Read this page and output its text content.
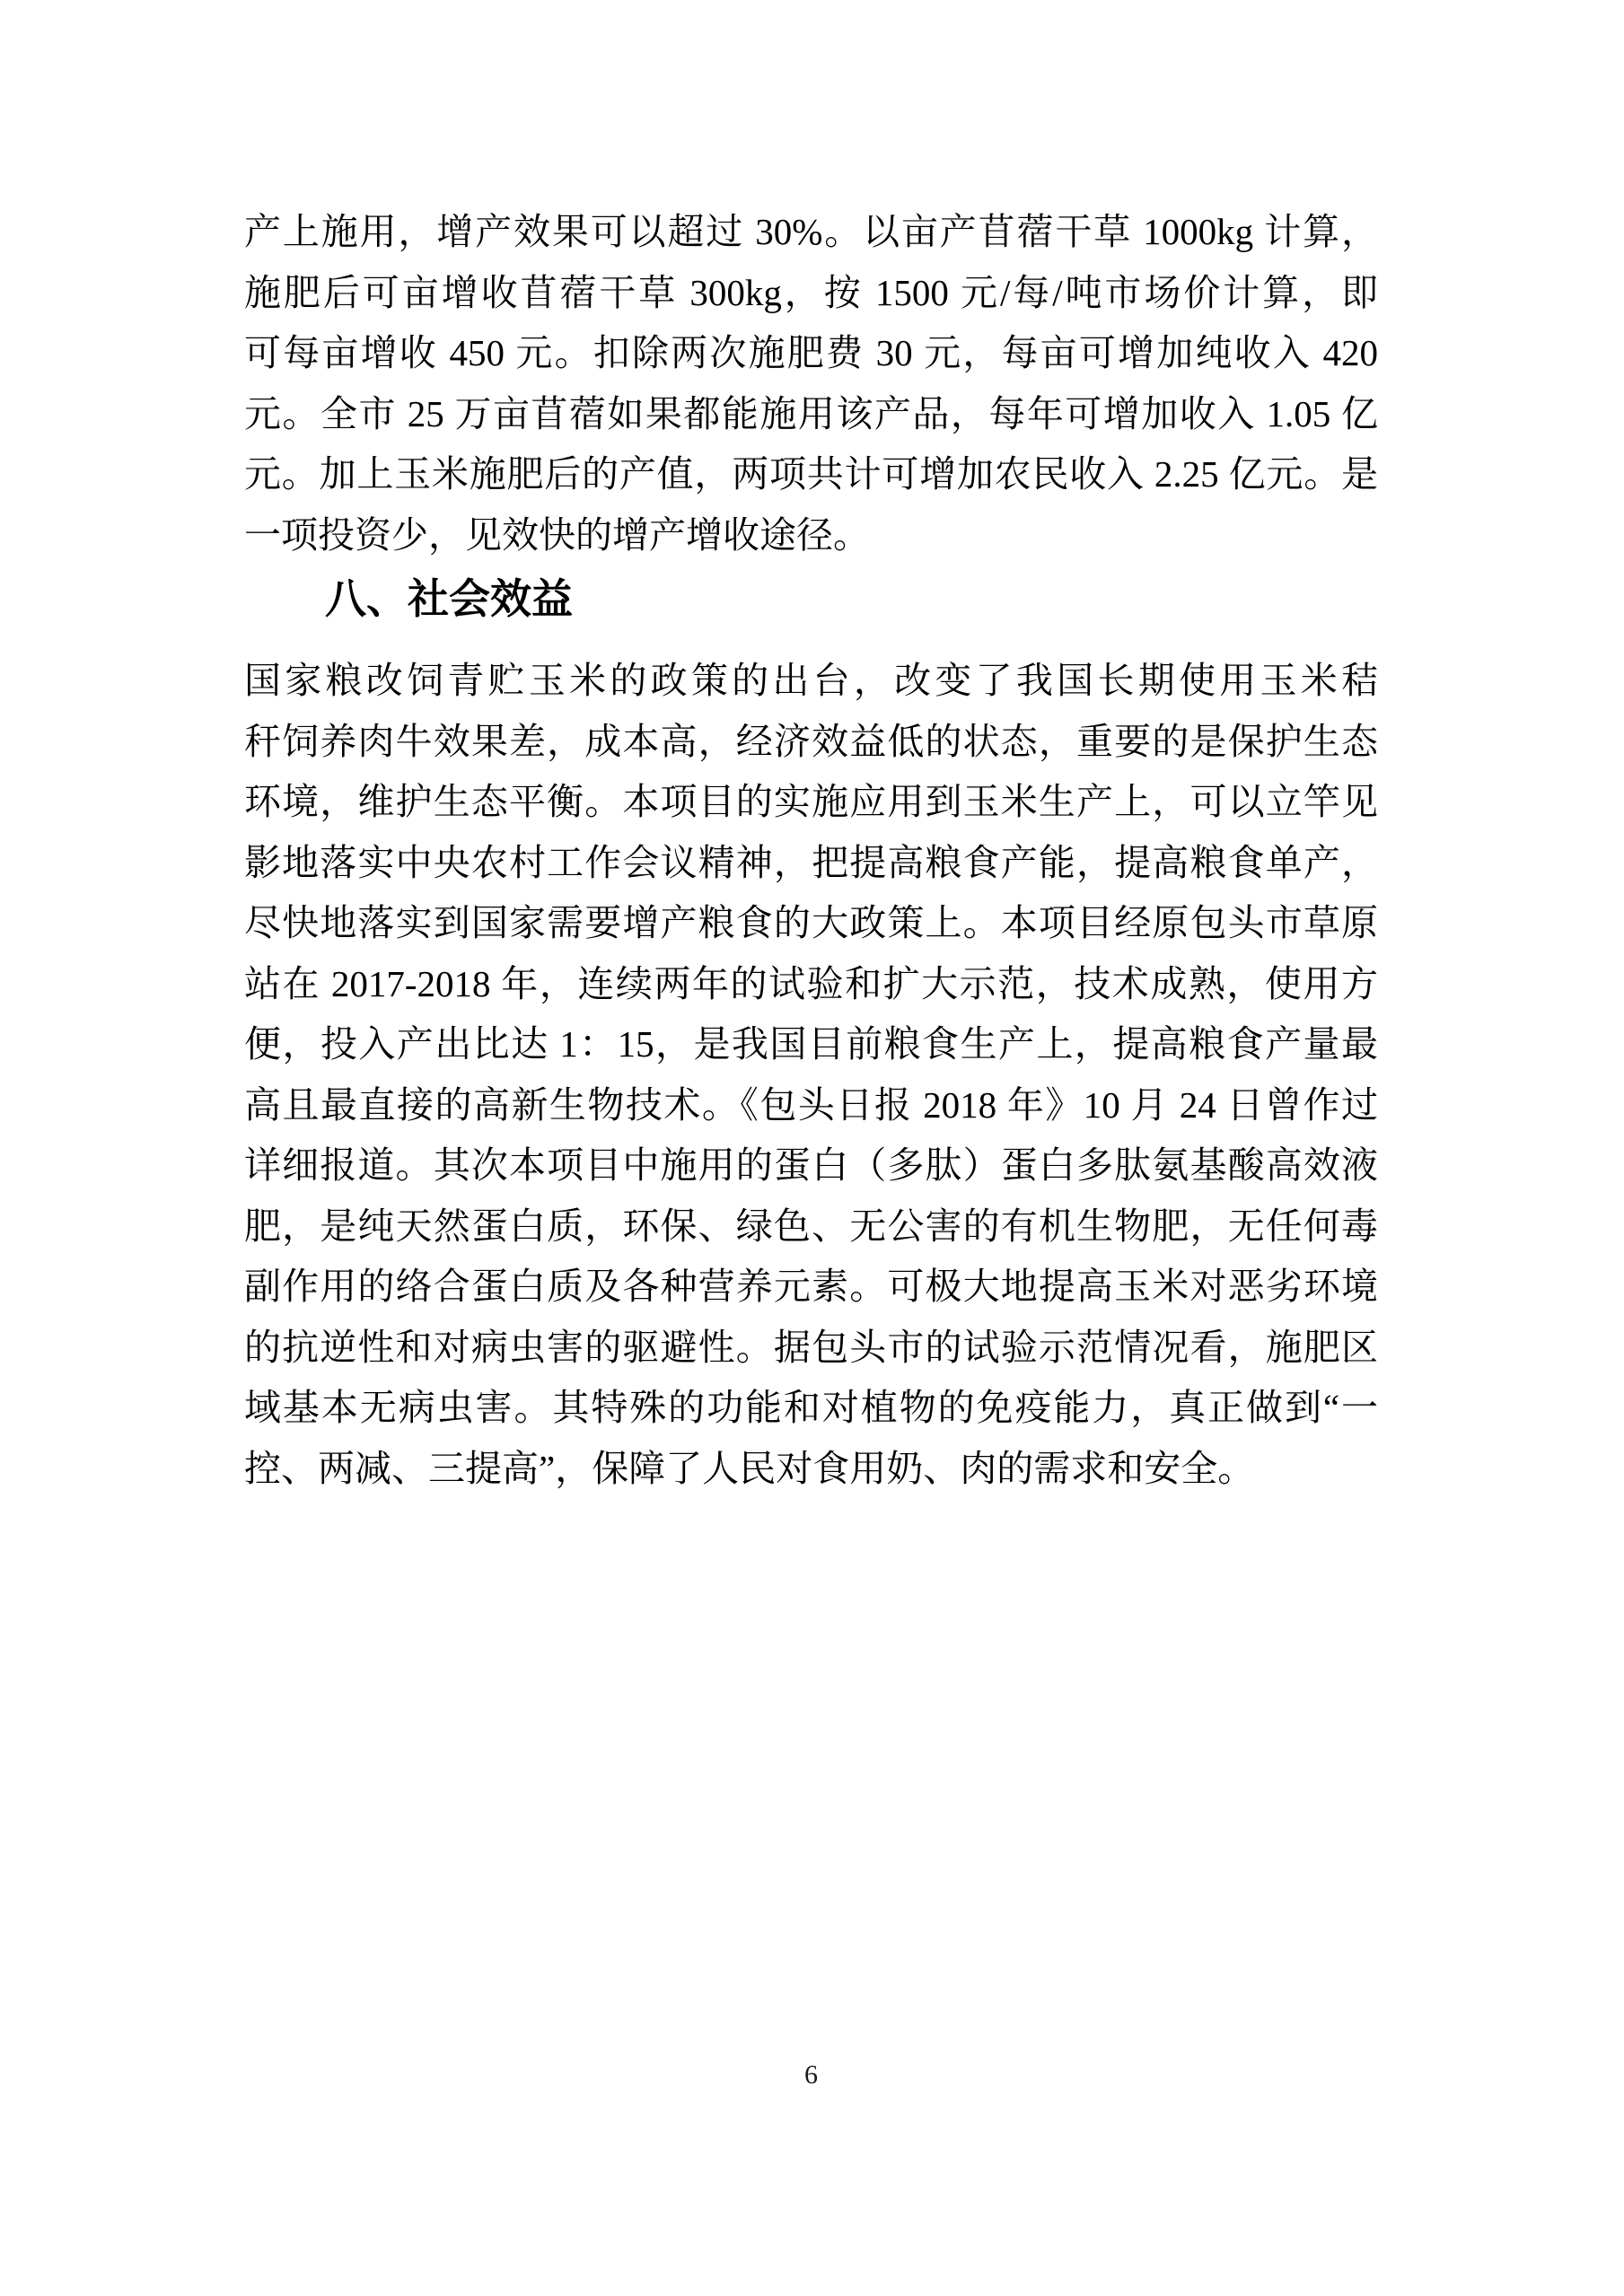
产上施用，增产效果可以超过 30%。以亩产苜蓿干草 1000kg 计算，
施肥后可亩增收苜蓿干草 300kg，按 1500 元/每/吨市场价计算，即
可每亩增收 450 元。扣除两次施肥费 30 元，每亩可增加纯收入 420
元。全市 25 万亩苜蓿如果都能施用该产品，每年可增加收入 1.05 亿
元。加上玉米施肥后的产值，两项共计可增加农民收入 2.25 亿元。是
一项投资少，见效快的增产增收途径。
八、社会效益
国家粮改饲青贮玉米的政策的出台，改变了我国长期使用玉米秸
秆饲养肉牛效果差，成本高，经济效益低的状态，重要的是保护生态
环境，维护生态平衡。本项目的实施应用到玉米生产上，可以立竿见
影地落实中央农村工作会议精神，把提高粮食产能，提高粮食单产，
尽快地落实到国家需要增产粮食的大政策上。本项目经原包头市草原
站在 2017-2018 年，连续两年的试验和扩大示范，技术成熟，使用方
便，投入产出比达 1：15，是我国目前粮食生产上，提高粮食产量最
高且最直接的高新生物技术。《包头日报 2018 年》10 月 24 日曾作过
详细报道。其次本项目中施用的蛋白（多肽）蛋白多肽氨基酸高效液
肥，是纯天然蛋白质，环保、绿色、无公害的有机生物肥，无任何毒
副作用的络合蛋白质及各种营养元素。可极大地提高玉米对恶劣环境
的抗逆性和对病虫害的驱避性。据包头市的试验示范情况看，施肥区
域基本无病虫害。其特殊的功能和对植物的免疫能力，真正做到“一
控、两减、三提高”，保障了人民对食用奶、肉的需求和安全。
6
